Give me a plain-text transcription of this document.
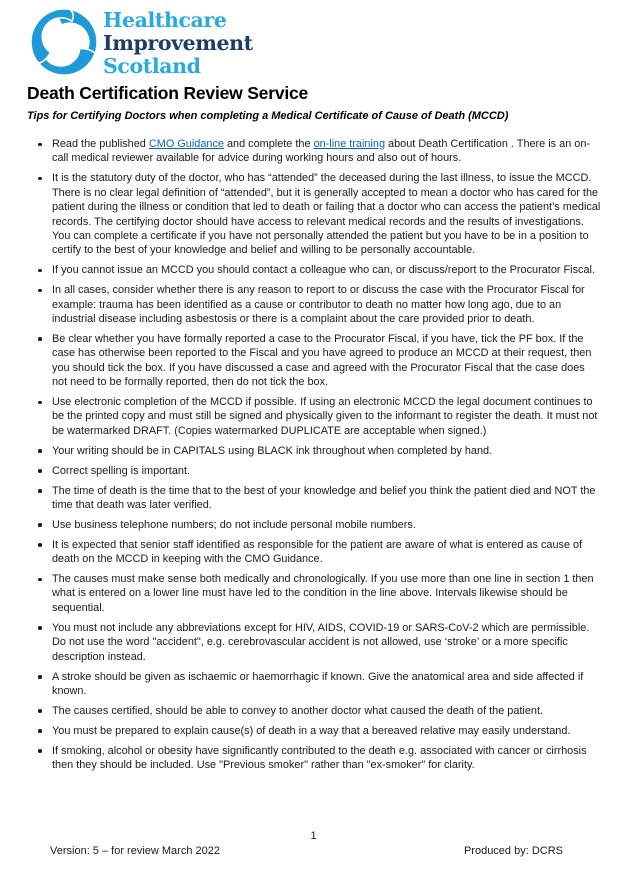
Healthcare
Improvement
Scotland
Death Certification Review Service

Tips for Certifying Doctors when completing a Medical Certificate of Cause of Death (MCCD)

Read the published CMO Guidance and complete the on-line training about Death Certification . There is an on-call medical reviewer available for advice during working hours and also out of hours.
It is the statutory duty of the doctor, who has “attended” the deceased during the last illness, to issue the MCCD. There is no clear legal definition of “attended”, but it is generally accepted to mean a doctor who has cared for the patient during the illness or condition that led to death or failing that a doctor who can access the patient’s medical records. The certifying doctor should have access to relevant medical records and the results of investigations. You can complete a certificate if you have not personally attended the patient but you have to be in a position to certify to the best of your knowledge and belief and willing to be personally accountable.
If you cannot issue an MCCD you should contact a colleague who can, or discuss/report to the Procurator Fiscal.
In all cases, consider whether there is any reason to report to or discuss the case with the Procurator Fiscal for example: trauma has been identified as a cause or contributor to death no matter how long ago, due to an industrial disease including asbestosis or there is a complaint about the care provided prior to death.
Be clear whether you have formally reported a case to the Procurator Fiscal, if you have, tick the PF box. If the case has otherwise been reported to the Fiscal and you have agreed to produce an MCCD at their request, then you should tick the box. If you have discussed a case and agreed with the Procurator Fiscal that the case does not need to be formally reported, then do not tick the box.
Use electronic completion of the MCCD if possible. If using an electronic MCCD the legal document continues to be the printed copy and must still be signed and physically given to the informant to register the death. It must not be watermarked DRAFT. (Copies watermarked DUPLICATE are acceptable when signed.)
Your writing should be in CAPITALS using BLACK ink throughout when completed by hand.
Correct spelling is important.
The time of death is the time that to the best of your knowledge and belief you think the patient died and NOT the time that death was later verified.
Use business telephone numbers; do not include personal mobile numbers.
It is expected that senior staff identified as responsible for the patient are aware of what is entered as cause of death on the MCCD in keeping with the CMO Guidance.
The causes must make sense both medically and chronologically. If you use more than one line in section 1 then what is entered on a lower line must have led to the condition in the line above. Intervals likewise should be sequential.
You must not include any abbreviations except for HIV, AIDS, COVID-19 or SARS-CoV-2 which are permissible. Do not use the word "accident", e.g. cerebrovascular accident is not allowed, use ‘stroke’ or a more specific description instead.
A stroke should be given as ischaemic or haemorrhagic if known. Give the anatomical area and side affected if known.
The causes certified, should be able to convey to another doctor what caused the death of the patient.
You must be prepared to explain cause(s) of death in a way that a bereaved relative may easily understand.
If smoking, alcohol or obesity have significantly contributed to the death e.g. associated with cancer or cirrhosis then they should be included. Use "Previous smoker" rather than "ex-smoker" for clarity.
1
Version: 5 – for review March 2022	Produced by: DCRS
